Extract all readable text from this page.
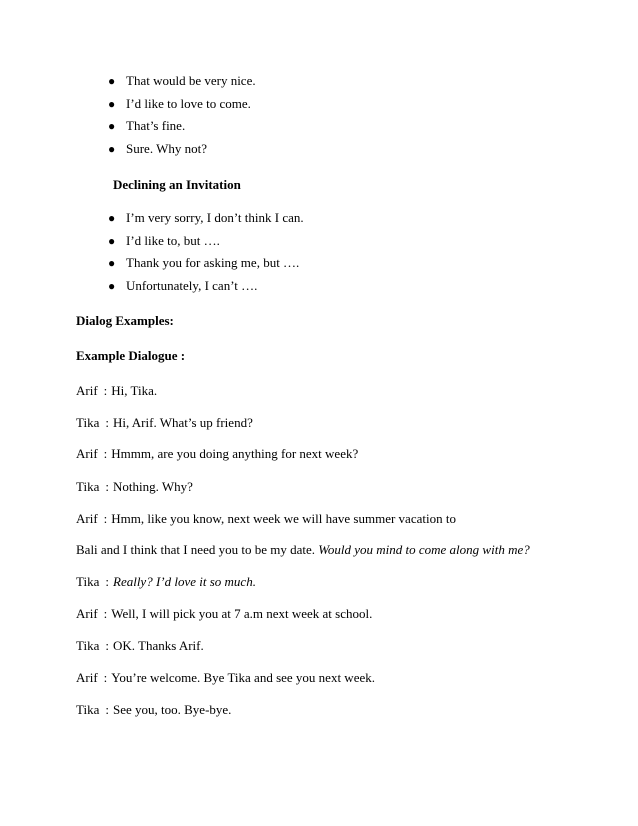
● That would be very nice.
● I’d like to love to come.
● That’s fine.
● Sure. Why not?
Declining an Invitation
● I’m very sorry, I don’t think I can.
● I’d like to, but ….
● Thank you for asking me, but ….
● Unfortunately, I can’t ….
Dialog Examples:
Example Dialogue :
Arif : Hi, Tika.
Tika : Hi, Arif. What’s up friend?
Arif : Hmmm, are you doing anything for next week?
Tika : Nothing. Why?
Arif : Hmm, like you know, next week we will have summer vacation to
Bali and I think that I need you to be my date. Would you mind to come along with me?
Tika : Really? I’d love it so much.
Arif : Well, I will pick you at 7 a.m next week at school.
Tika : OK. Thanks Arif.
Arif : You’re welcome. Bye Tika and see you next week.
Tika : See you, too. Bye-bye.
